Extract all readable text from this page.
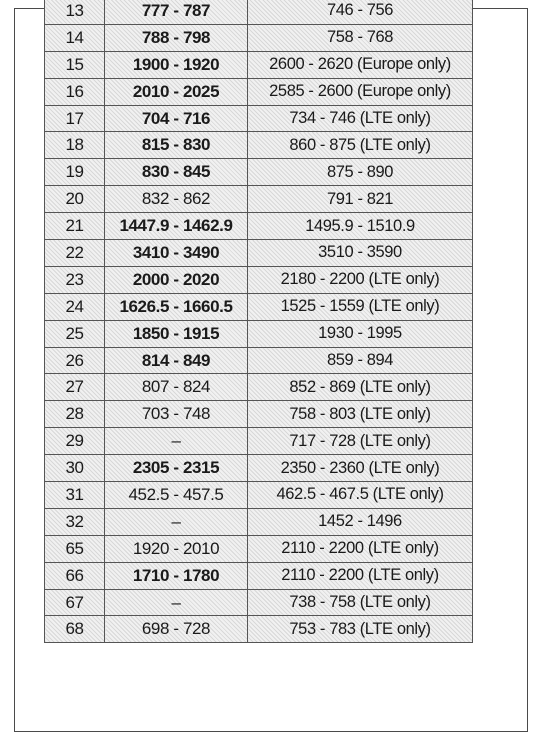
13	777 - 787	746 - 756
14	788 - 798	758 - 768
15	1900 - 1920	2600 - 2620 (Europe only)
16	2010 - 2025	2585 - 2600 (Europe only)
17	704 - 716	734 - 746 (LTE only)
18	815 - 830	860 - 875 (LTE only)
19	830 - 845	875 - 890
20	832 - 862	791 - 821
21	1447.9 - 1462.9	1495.9 - 1510.9
22	3410 - 3490	3510 - 3590
23	2000 - 2020	2180 - 2200 (LTE only)
24	1626.5 - 1660.5	1525 - 1559 (LTE only)
25	1850 - 1915	1930 - 1995
26	814 - 849	859 - 894
27	807 - 824	852 - 869 (LTE only)
28	703 - 748	758 - 803 (LTE only)
29	–	717 - 728 (LTE only)
30	2305 - 2315	2350 - 2360 (LTE only)
31	452.5 - 457.5	462.5 - 467.5 (LTE only)
32	–	1452 - 1496
65	1920 - 2010	2110 - 2200 (LTE only)
66	1710 - 1780	2110 - 2200 (LTE only)
67	–	738 - 758 (LTE only)
68	698 - 728	753 - 783 (LTE only)
